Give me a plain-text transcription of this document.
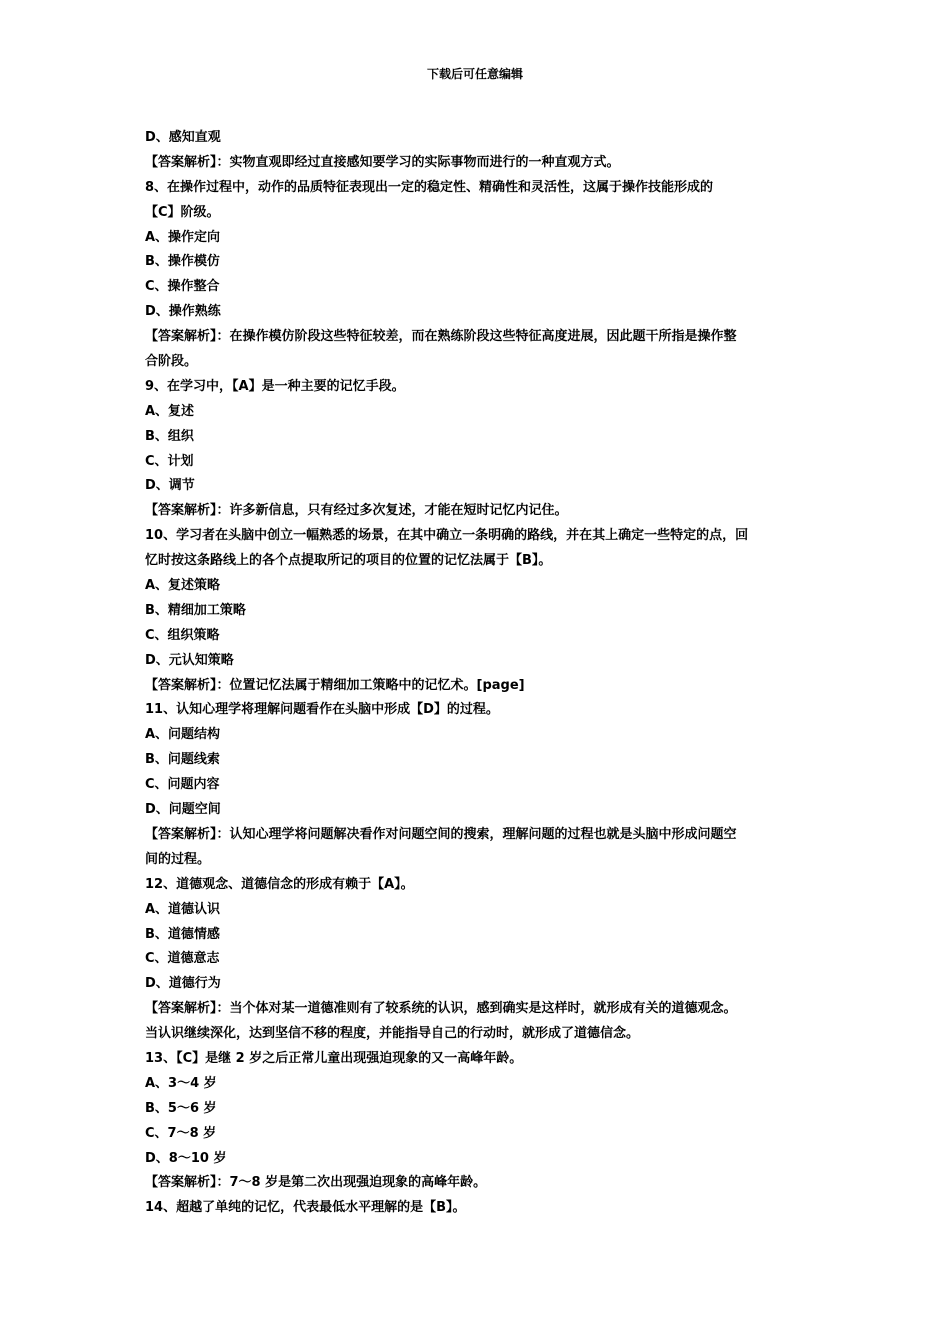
下载后可任意编辑
D、感知直观
【答案解析】：实物直观即经过直接感知要学习的实际事物而进行的一种直观方式。
8、在操作过程中，动作的品质特征表现出一定的稳定性、精确性和灵活性，这属于操作技能形成的
【C】阶级。
A、操作定向
B、操作模仿
C、操作整合
D、操作熟练
【答案解析】：在操作模仿阶段这些特征较差，而在熟练阶段这些特征高度进展，因此题干所指是操作整
合阶段。
9、在学习中，【A】是一种主要的记忆手段。
A、复述
B、组织
C、计划
D、调节
【答案解析】：许多新信息，只有经过多次复述，才能在短时记忆内记住。
10、学习者在头脑中创立一幅熟悉的场景，在其中确立一条明确的路线，并在其上确定一些特定的点，回
忆时按这条路线上的各个点提取所记的项目的位置的记忆法属于【B】。
A、复述策略
B、精细加工策略
C、组织策略
D、元认知策略
【答案解析】：位置记忆法属于精细加工策略中的记忆术。[page]
11、认知心理学将理解问题看作在头脑中形成【D】的过程。
A、问题结构
B、问题线索
C、问题内容
D、问题空间
【答案解析】：认知心理学将问题解决看作对问题空间的搜索，理解问题的过程也就是头脑中形成问题空
间的过程。
12、道德观念、道德信念的形成有赖于【A】。
A、道德认识
B、道德情感
C、道德意志
D、道德行为
【答案解析】：当个体对某一道德准则有了较系统的认识，感到确实是这样时，就形成有关的道德观念。
当认识继续深化，达到坚信不移的程度，并能指导自己的行动时，就形成了道德信念。
13、【C】是继 2 岁之后正常儿童出现强迫现象的又一高峰年龄。
A、3～4 岁
B、5～6 岁
C、7～8 岁
D、8～10 岁
【答案解析】：7～8 岁是第二次出现强迫现象的高峰年龄。
14、超越了单纯的记忆，代表最低水平理解的是【B】。
